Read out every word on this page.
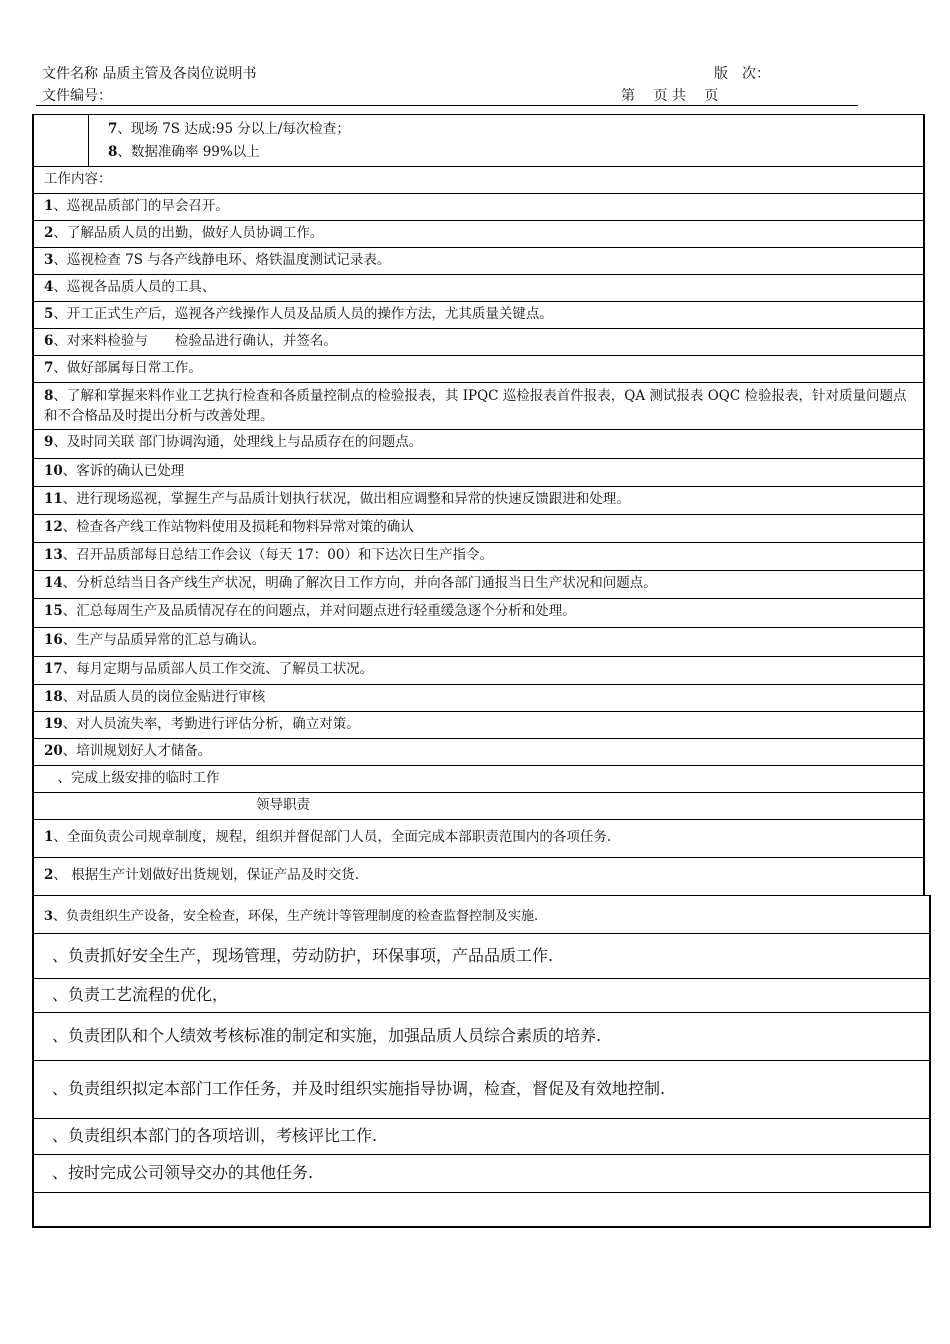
文件名称 品质主管及各岗位说明书	版　次：
文件编号：	第　 页 共　 页
7、现场 7S 达成:95 分以上/每次检查；
8、数据准确率 99%以上
工作内容：
1、巡视品质部门的早会召开。
2、了解品质人员的出勤，做好人员协调工作。
3、巡视检查 7S 与各产线静电环、烙铁温度测试记录表。
4、巡视各品质人员的工具、
5、开工正式生产后，巡视各产线操作人员及品质人员的操作方法，尤其质量关键点。
6、对来料检验与　　检验品进行确认，并签名。
7、做好部属每日常工作。
8、了解和掌握来料作业工艺执行检查和各质量控制点的检验报表，其 IPQC 巡检报表首件报表，QA 测试报表 OQC 检验报表，针对质量问题点和不合格品及时提出分析与改善处理。
9、及时同关联 部门协调沟通，处理线上与品质存在的问题点。
10、客诉的确认已处理
11、进行现场巡视，掌握生产与品质计划执行状况，做出相应调整和异常的快速反馈跟进和处理。
12、检查各产线工作站物料使用及损耗和物料异常对策的确认
13、召开品质部每日总结工作会议（每天 17：00）和下达次日生产指令。
14、分析总结当日各产线生产状况，明确了解次日工作方向，并向各部门通报当日生产状况和问题点。
15、汇总每周生产及品质情况存在的问题点，并对问题点进行轻重缓急逐个分析和处理。
16、生产与品质异常的汇总与确认。
17、每月定期与品质部人员工作交流、了解员工状况。
18、对品质人员的岗位金贴进行审核
19、对人员流失率，考勤进行评估分析，确立对策。
20、培训规划好人才储备。
　、完成上级安排的临时工作
领导职责
1、全面负责公司规章制度，规程，组织并督促部门人员，全面完成本部职责范围内的各项任务.
2、 根据生产计划做好出货规划，保证产品及时交货.
3、负责组织生产设备，安全检查，环保，生产统计等管理制度的检查监督控制及实施.
、负责抓好安全生产，现场管理，劳动防护，环保事项，产品品质工作.
、负责工艺流程的优化，
、负责团队和个人绩效考核标准的制定和实施，加强品质人员综合素质的培养.
、负责组织拟定本部门工作任务，并及时组织实施指导协调，检查，督促及有效地控制.
、负责组织本部门的各项培训，考核评比工作.
、按时完成公司领导交办的其他任务.
